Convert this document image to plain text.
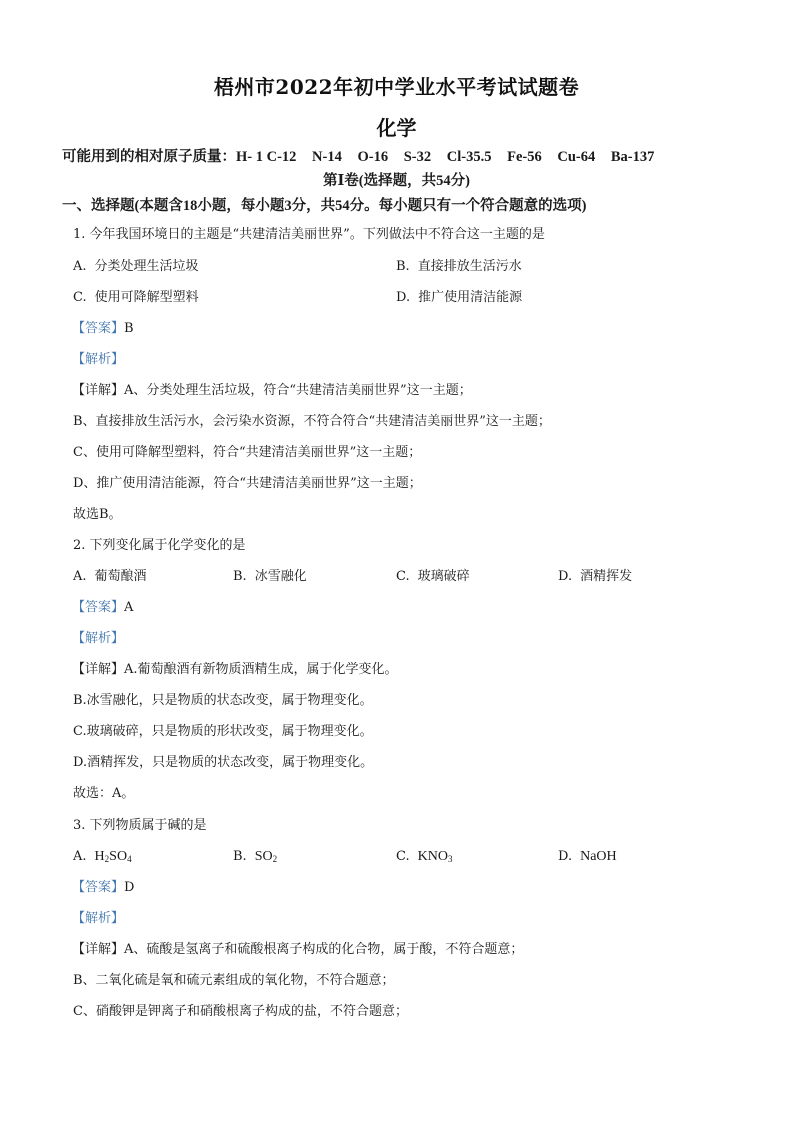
梧州市2022年初中学业水平考试试题卷
化学
可能用到的相对原子质量：H- 1 C-12 N-14 O-16 S-32 Cl-35.5 Fe-56 Cu-64 Ba-137
第Ⅰ卷(选择题，共54分)
一、选择题(本题含18小题，每小题3分，共54分。每小题只有一个符合题意的选项)
1. 今年我国环境日的主题是“共建清洁美丽世界”。下列做法中不符合这一主题的是
A. 分类处理生活垃圾	B. 直接排放生活污水
C. 使用可降解型塑料	D. 推广使用清洁能源
【答案】B
【解析】
【详解】A、分类处理生活垃圾，符合“共建清洁美丽世界”这一主题；
B、直接排放生活污水，会污染水资源，不符合符合“共建清洁美丽世界”这一主题；
C、使用可降解型塑料，符合“共建清洁美丽世界”这一主题；
D、推广使用清洁能源，符合“共建清洁美丽世界”这一主题；
故选B。
2. 下列变化属于化学变化的是
A. 葡萄酿酒	B. 冰雪融化	C. 玻璃破碎	D. 酒精挥发
【答案】A
【解析】
【详解】A.葡萄酿酒有新物质酒精生成，属于化学变化。
B.冰雪融化，只是物质的状态改变，属于物理变化。
C.玻璃破碎，只是物质的形状改变，属于物理变化。
D.酒精挥发，只是物质的状态改变，属于物理变化。
故选：A。
3. 下列物质属于碱的是
A. $H_2SO_4$	B. $SO_2$	C. $KNO_3$	D. NaOH
【答案】D
【解析】
【详解】A、硫酸是氢离子和硫酸根离子构成的化合物，属于酸，不符合题意；
B、二氧化硫是氧和硫元素组成的氧化物，不符合题意；
C、硝酸钾是钾离子和硝酸根离子构成的盐，不符合题意；
